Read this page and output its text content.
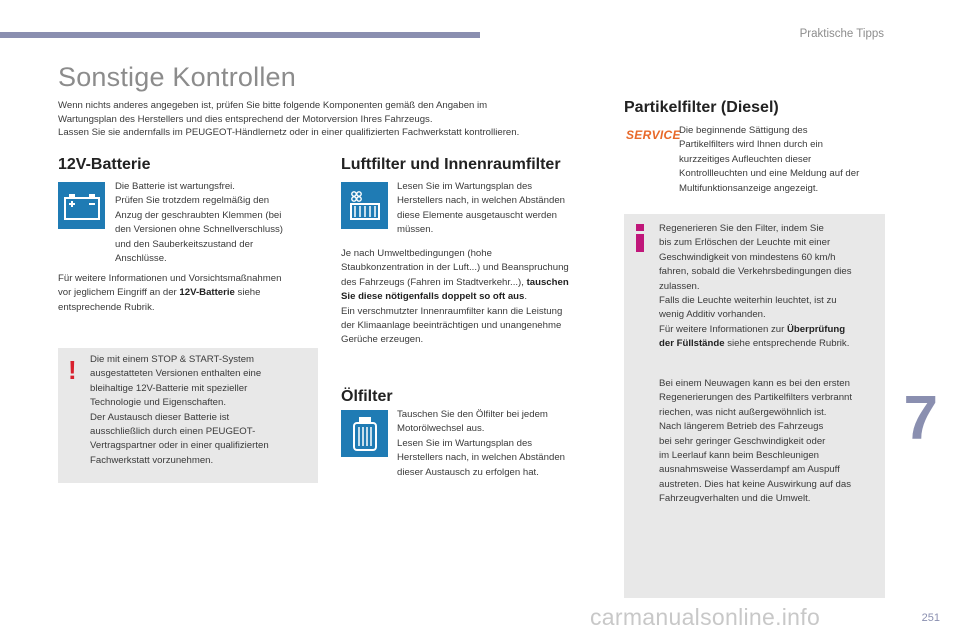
Praktische Tipps
Sonstige Kontrollen

Wenn nichts anderes angegeben ist, prüfen Sie bitte folgende Komponenten gemäß den Angaben im

Wartungsplan des Herstellers und dies entsprechend der Motorversion Ihres Fahrzeugs.

Lassen Sie sie andernfalls im PEUGEOT-Händlernetz oder in einer qualifizierten Fachwerkstatt kontrollieren.

12V-Batterie

Die Batterie ist wartungsfrei.

Prüfen Sie trotzdem regelmäßig den

Anzug der geschraubten Klemmen (bei

den Versionen ohne Schnellverschluss)

und den Sauberkeitszustand der

Anschlüsse.

Für weitere Informationen und Vorsichtsmaßnahmen

vor jeglichem Eingriff an der 12V-Batterie siehe

entsprechende Rubrik.

! Die mit einem STOP & START-System

ausgestatteten Versionen enthalten eine

bleihaltige 12V-Batterie mit spezieller

Technologie und Eigenschaften.

Der Austausch dieser Batterie ist

ausschließlich durch einen PEUGEOT-

Vertragspartner oder in einer qualifizierten

Fachwerkstatt vorzunehmen.

Luftfilter und Innenraumfilter

Lesen Sie im Wartungsplan des

Herstellers nach, in welchen Abständen

diese Elemente ausgetauscht werden

müssen.

Je nach Umweltbedingungen (hohe

Staubkonzentration in der Luft...) und Beanspruchung

des Fahrzeugs (Fahren im Stadtverkehr...), tauschen

Sie diese nötigenfalls doppelt so oft aus.

Ein verschmutzter Innenraumfilter kann die Leistung

der Klimaanlage beeinträchtigen und unangenehme

Gerüche erzeugen.

Ölfilter

Tauschen Sie den Ölfilter bei jedem

Motorölwechsel aus.

Lesen Sie im Wartungsplan des

Herstellers nach, in welchen Abständen

dieser Austausch zu erfolgen hat.

Partikelfilter (Diesel)
SERVICE

Die beginnende Sättigung des

Partikelfilters wird Ihnen durch ein

kurzzeitiges Aufleuchten dieser

Kontrollleuchten und eine Meldung auf der

Multifunktionsanzeige angezeigt.

Regenerieren Sie den Filter, indem Sie

bis zum Erlöschen der Leuchte mit einer

Geschwindigkeit von mindestens 60 km/h

fahren, sobald die Verkehrsbedingungen dies

zulassen.

Falls die Leuchte weiterhin leuchtet, ist zu

wenig Additiv vorhanden.

Für weitere Informationen zur Überprüfung

der Füllstände siehe entsprechende Rubrik.

Bei einem Neuwagen kann es bei den ersten

Regenerierungen des Partikelfilters verbrannt

riechen, was nicht außergewöhnlich ist.

Nach längerem Betrieb des Fahrzeugs

bei sehr geringer Geschwindigkeit oder

im Leerlauf kann beim Beschleunigen

ausnahmsweise Wasserdampf am Auspuff

austreten. Dies hat keine Auswirkung auf das

Fahrzeugverhalten und die Umwelt.

7
carmanualsonline.info	251
